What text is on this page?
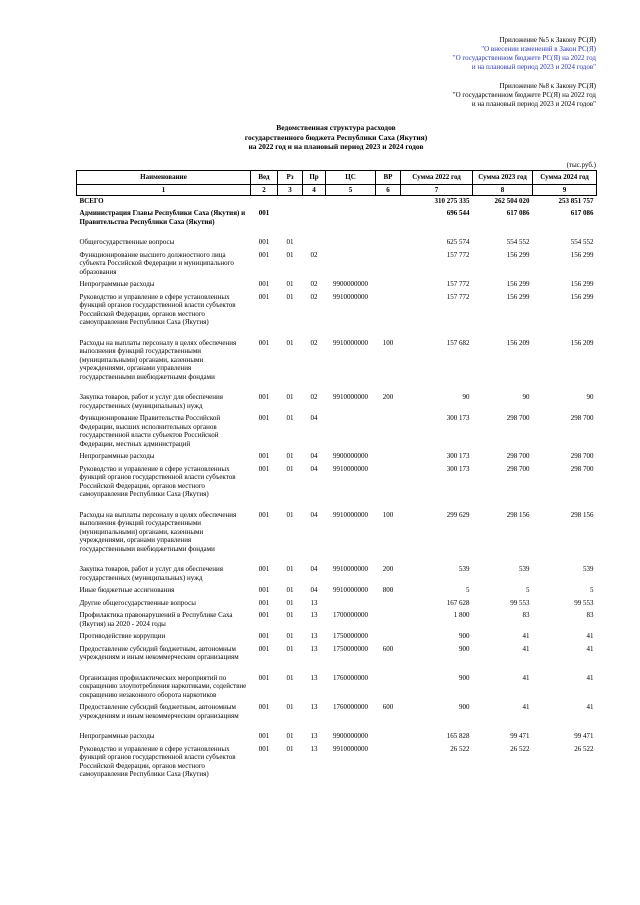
Приложение №5 к Закону РС(Я)
"О внесении изменений в Закон РС(Я)
"О государственном бюджете РС(Я) на 2022 год
и на плановый период 2023 и 2024 годов"
Приложение №8 к Закону РС(Я)
"О государственном бюджете РС(Я) на 2022 год
и на плановый период 2023 и 2024 годов"
Ведомственная структура расходов
государственного бюджета Республики Саха (Якутия)
на 2022 год и на плановый период 2023 и 2024 годов
(тыс.руб.)
Наименование	Вед	Рз	Пр	ЦС	ВР	Сумма 2022 год	Сумма 2023 год	Сумма 2024 год
1	2	3	4	5	6	7	8	9
ВСЕГО						310 275 335	262 504 020	253 851 757
Администрация Главы Республики Саха (Якутия) и Правительства Республики Саха (Якутия)	001					696 544	617 086	617 086

Общегосударственные вопросы	001	01				625 574	554 552	554 552
Функционирование высшего должностного лица субъекта Российской Федерации и муниципального образования	001	01	02			157 772	156 299	156 299
Непрограммные расходы	001	01	02	9900000000		157 772	156 299	156 299
Руководство и управление в сфере установленных функций органов государственной власти субъектов Российской Федерации, органов местного самоуправления Республики Саха (Якутия)	001	01	02	9910000000		157 772	156 299	156 299

Расходы на выплаты персоналу в целях обеспечения выполнения функций государственными (муниципальными) органами, казенными учреждениями, органами управления государственными внебюджетными фондами	001	01	02	9910000000	100	157 682	156 209	156 209

Закупка товаров, работ и услуг для обеспечения государственных (муниципальных) нужд	001	01	02	9910000000	200	90	90	90
Функционирование Правительства Российской Федерации, высших исполнительных органов государственной власти субъектов Российской Федерации, местных администраций	001	01	04			300 173	298 700	298 700
Непрограммные расходы	001	01	04	9900000000		300 173	298 700	298 700
Руководство и управление в сфере установленных функций органов государственной власти субъектов Российской Федерации, органов местного самоуправления Республики Саха (Якутия)	001	01	04	9910000000		300 173	298 700	298 700

Расходы на выплаты персоналу в целях обеспечения выполнения функций государственными (муниципальными) органами, казенными учреждениями, органами управления государственными внебюджетными фондами	001	01	04	9910000000	100	299 629	298 156	298 156

Закупка товаров, работ и услуг для обеспечения государственных (муниципальных) нужд	001	01	04	9910000000	200	539	539	539
Иные бюджетные ассигнования	001	01	04	9910000000	800	5	5	5
Другие общегосударственные вопросы	001	01	13			167 628	99 553	99 553
Профилактика правонарушений в Республике Саха (Якутия) на 2020 - 2024 годы	001	01	13	1700000000		1 800	83	83
Противодействие коррупции	001	01	13	1750000000		900	41	41
Предоставление субсидий бюджетным, автономным учреждениям и иным некоммерческим организациям	001	01	13	1750000000	600	900	41	41

Организация профилактических мероприятий по сокращению злоупотребления наркотиками, содействие сокращению незаконного оборота наркотиков	001	01	13	1760000000		900	41	41
Предоставление субсидий бюджетным, автономным учреждениям и иным некоммерческим организациям	001	01	13	1760000000	600	900	41	41

Непрограммные расходы	001	01	13	9900000000		165 828	99 471	99 471
Руководство и управление в сфере установленных функций органов государственной власти субъектов Российской Федерации, органов местного самоуправления Республики Саха (Якутия)	001	01	13	9910000000		26 522	26 522	26 522
